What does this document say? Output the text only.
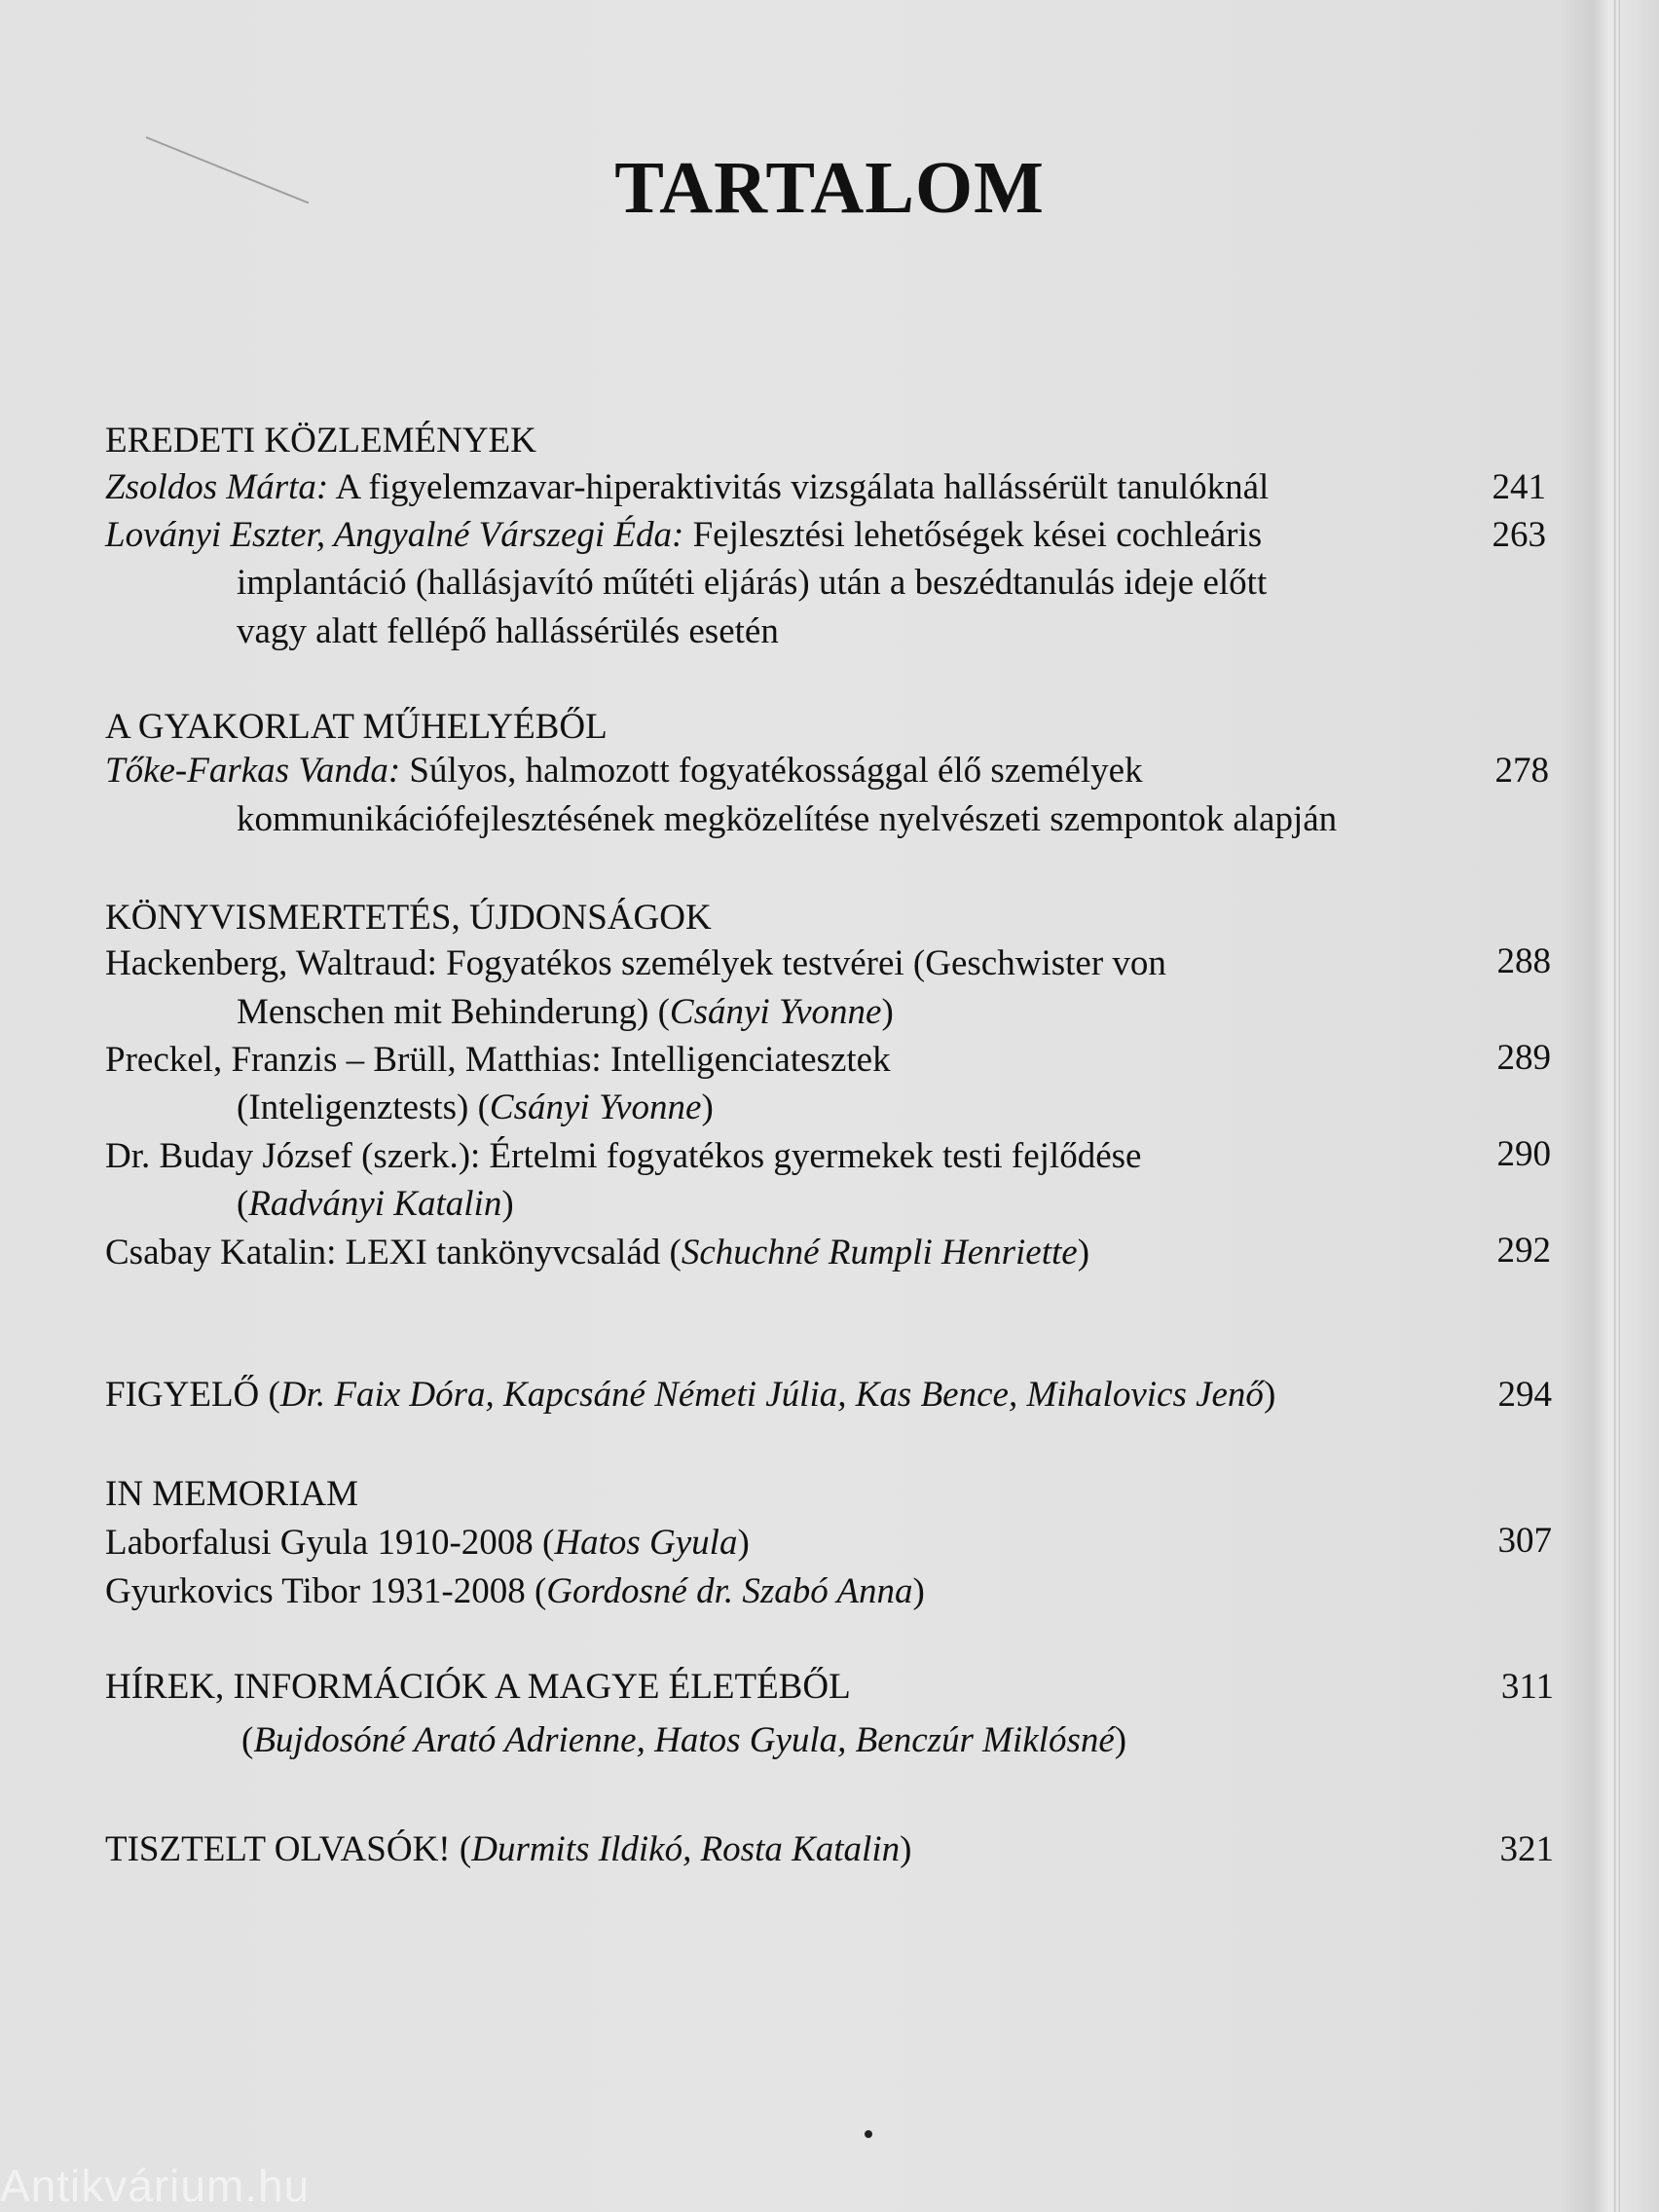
TARTALOM
EREDETI KÖZLEMÉNYEK
Zsoldos Márta: A figyelemzavar-hiperaktivitás vizsgálata hallássérült tanulóknál	241
Loványi Eszter, Angyalné Várszegi Éda: Fejlesztési lehetőségek kései cochleáris	263
implantáció (hallásjavító műtéti eljárás) után a beszédtanulás ideje előtt
vagy alatt fellépő hallássérülés esetén
A GYAKORLAT MŰHELYÉBŐL
Tőke-Farkas Vanda: Súlyos, halmozott fogyatékossággal élő személyek	278
kommunikációfejlesztésének megközelítése nyelvészeti szempontok alapján
KÖNYVISMERTETÉS, ÚJDONSÁGOK
Hackenberg, Waltraud: Fogyatékos személyek testvérei (Geschwister von	288
Menschen mit Behinderung) (Csányi Yvonne)
Preckel, Franzis – Brüll, Matthias: Intelligenciatesztek	289
(Inteligenztests) (Csányi Yvonne)
Dr. Buday József (szerk.): Értelmi fogyatékos gyermekek testi fejlődése	290
(Radványi Katalin)
Csabay Katalin: LEXI tankönyvcsalád (Schuchné Rumpli Henriette)	292
FIGYELŐ (Dr. Faix Dóra, Kapcsáné Németi Júlia, Kas Bence, Mihalovics Jenő)	294
IN MEMORIAM
Laborfalusi Gyula 1910-2008 (Hatos Gyula)	307
Gyurkovics Tibor 1931-2008 (Gordosné dr. Szabó Anna)
HÍREK, INFORMÁCIÓK A MAGYE ÉLETÉBŐL	311
(Bujdosóné Arató Adrienne, Hatos Gyula, Benczúr Miklósné)
TISZTELT OLVASÓK! (Durmits Ildikó, Rosta Katalin)	321
Antikvárium.hu
